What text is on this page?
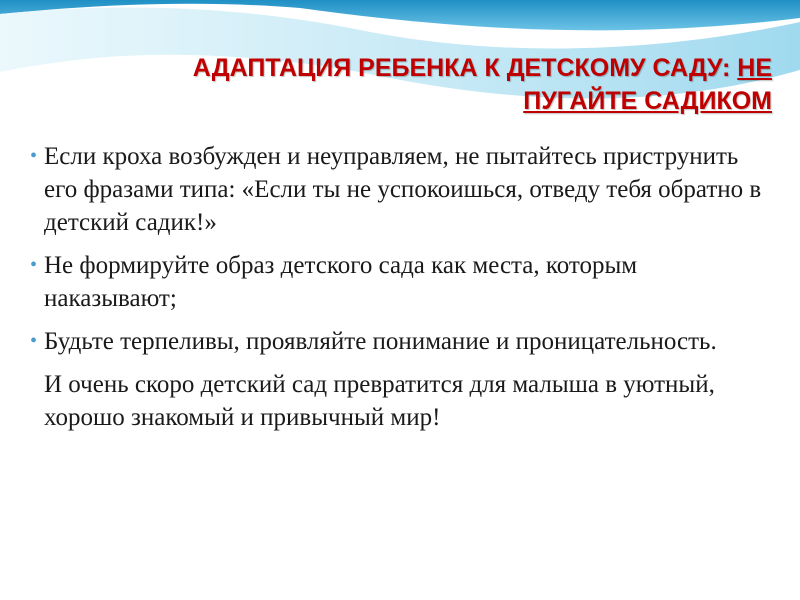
АДАПТАЦИЯ РЕБЕНКА К ДЕТСКОМУ САДУ: НЕ
ПУГАЙТЕ САДИКОМ
• Если кроха возбужден и неуправляем, не пытайтесь приструнить его фразами типа: «Если ты не успокоишься, отведу тебя обратно в детский садик!»
• Не формируйте образ детского сада как места, которым наказывают;
• Будьте терпеливы, проявляйте понимание и проницательность.
И очень скоро детский сад превратится для малыша в уютный, хорошо знакомый и привычный мир!
